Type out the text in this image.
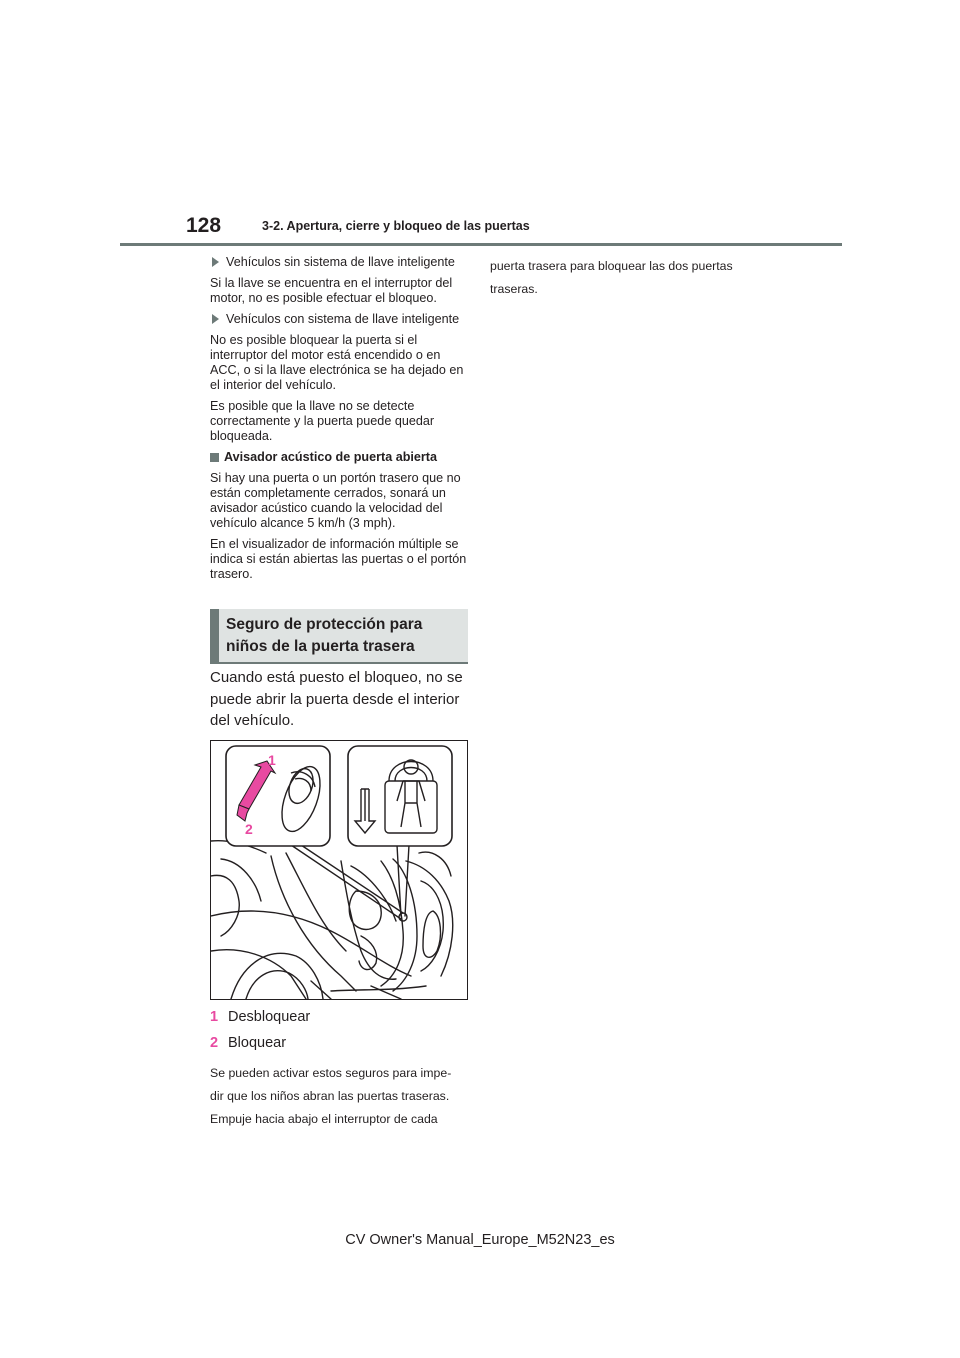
128	3-2. Apertura, cierre y bloqueo de las puertas
Vehículos sin sistema de llave inteligente

Si la llave se encuentra en el interruptor del motor, no es posible efectuar el bloqueo.

Vehículos con sistema de llave inteligente

No es posible bloquear la puerta si el interruptor del motor está encendido o en ACC, o si la llave electrónica se ha dejado en el interior del vehículo.

Es posible que la llave no se detecte correctamente y la puerta puede quedar bloqueada.

Avisador acústico de puerta abierta

Si hay una puerta o un portón trasero que no están completamente cerrados, sonará un avisador acústico cuando la velocidad del vehículo alcance 5 km/h (3 mph).

En el visualizador de información múltiple se indica si están abiertas las puertas o el portón trasero.

Seguro de protección para niños de la puerta trasera
Cuando está puesto el bloqueo, no se puede abrir la puerta desde el interior del vehículo.
1
2
1 Desbloquear
2 Bloquear

Se pueden activar estos seguros para impe-

dir que los niños abran las puertas traseras.

Empuje hacia abajo el interruptor de cada

puerta trasera para bloquear las dos puertas

traseras.

CV Owner's Manual_Europe_M52N23_es
